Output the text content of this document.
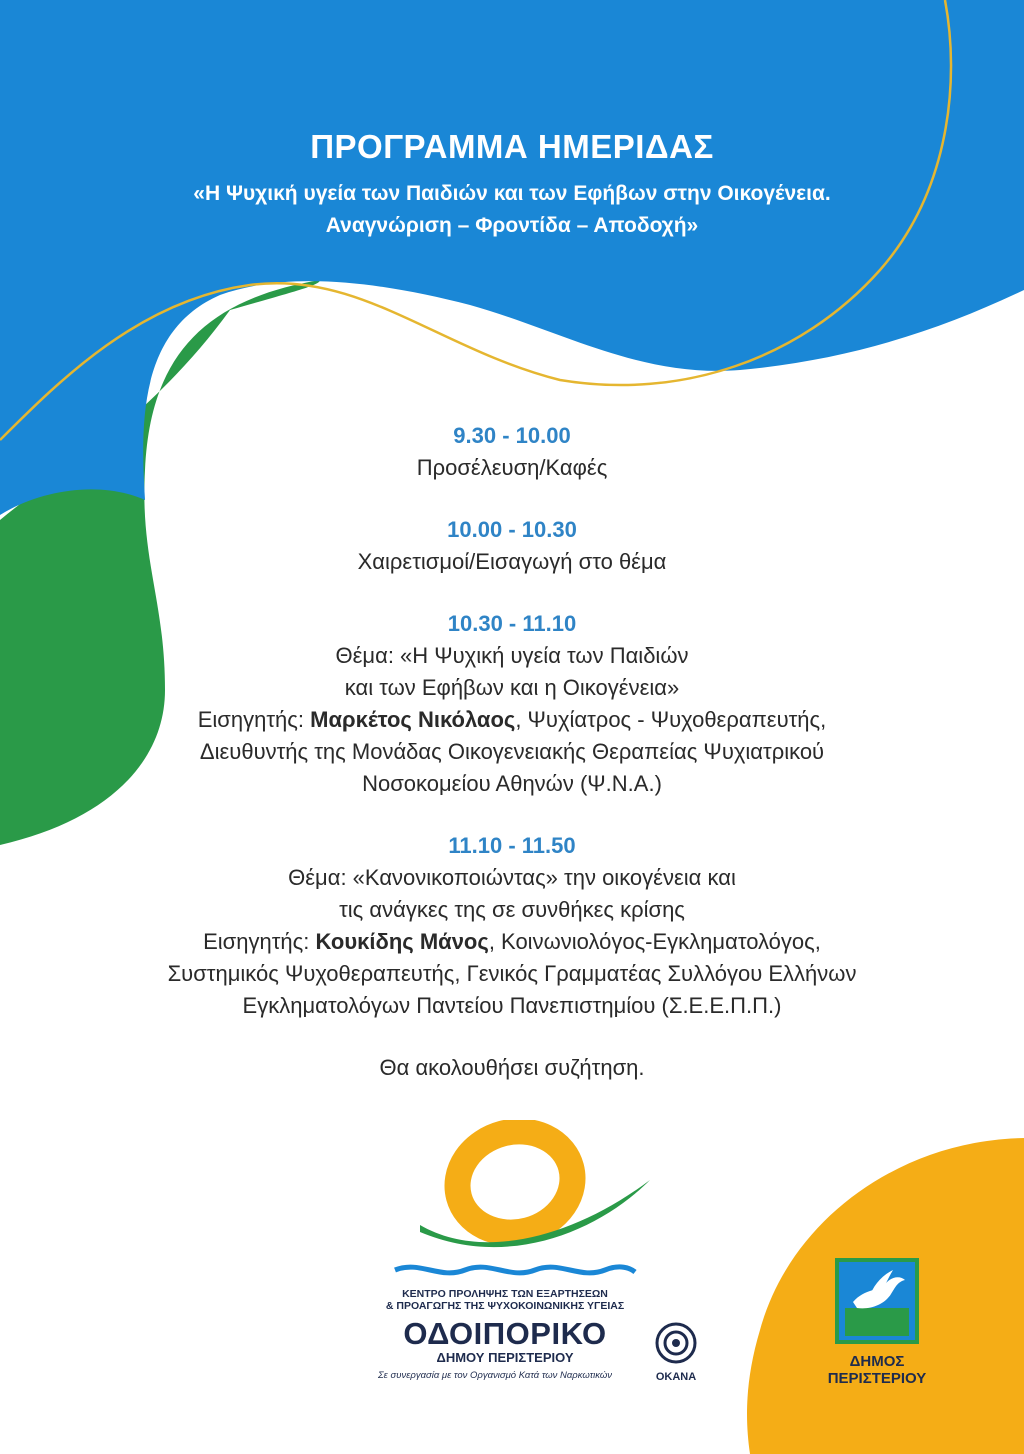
ΠΡΟΓΡΑΜΜΑ ΗΜΕΡΙΔΑΣ
«Η Ψυχική υγεία των Παιδιών και των Εφήβων στην Οικογένεια.
Αναγνώριση – Φροντίδα – Αποδοχή»
9.30 - 10.00
Προσέλευση/Καφές
10.00 - 10.30
Χαιρετισμοί/Εισαγωγή στο θέμα
10.30 - 11.10
Θέμα: «Η Ψυχική υγεία των Παιδιών
και των Εφήβων και η Οικογένεια»
Εισηγητής: Μαρκέτος Νικόλαος, Ψυχίατρος - Ψυχοθεραπευτής,
Διευθυντής της Μονάδας Οικογενειακής Θεραπείας Ψυχιατρικού
Νοσοκομείου Αθηνών (Ψ.Ν.Α.)
11.10 - 11.50
Θέμα: «Κανονικοποιώντας» την οικογένεια και
τις ανάγκες της σε συνθήκες κρίσης
Εισηγητής: Κουκίδης Μάνος, Κοινωνιολόγος-Εγκληματολόγος,
Συστημικός Ψυχοθεραπευτής, Γενικός Γραμματέας Συλλόγου Ελλήνων
Εγκληματολόγων Παντείου Πανεπιστημίου (Σ.Ε.Ε.Π.Π.)
Θα ακολουθήσει συζήτηση.
ΚΕΝΤΡΟ ΠΡΟΛΗΨΗΣ ΤΩΝ ΕΞΑΡΤΗΣΕΩΝ
& ΠΡΟΑΓΩΓΗΣ ΤΗΣ ΨΥΧΟΚΟΙΝΩΝΙΚΗΣ ΥΓΕΙΑΣ
ΟΔΟΙΠΟΡΙΚΟ
ΔΗΜΟΥ ΠΕΡΙΣΤΕΡΙΟΥ
Σε συνεργασία με τον Οργανισμό Κατά των Ναρκωτικών	ΟΚΑΝΑ
ΔΗΜΟΣ
ΠΕΡΙΣΤΕΡΙΟΥ
